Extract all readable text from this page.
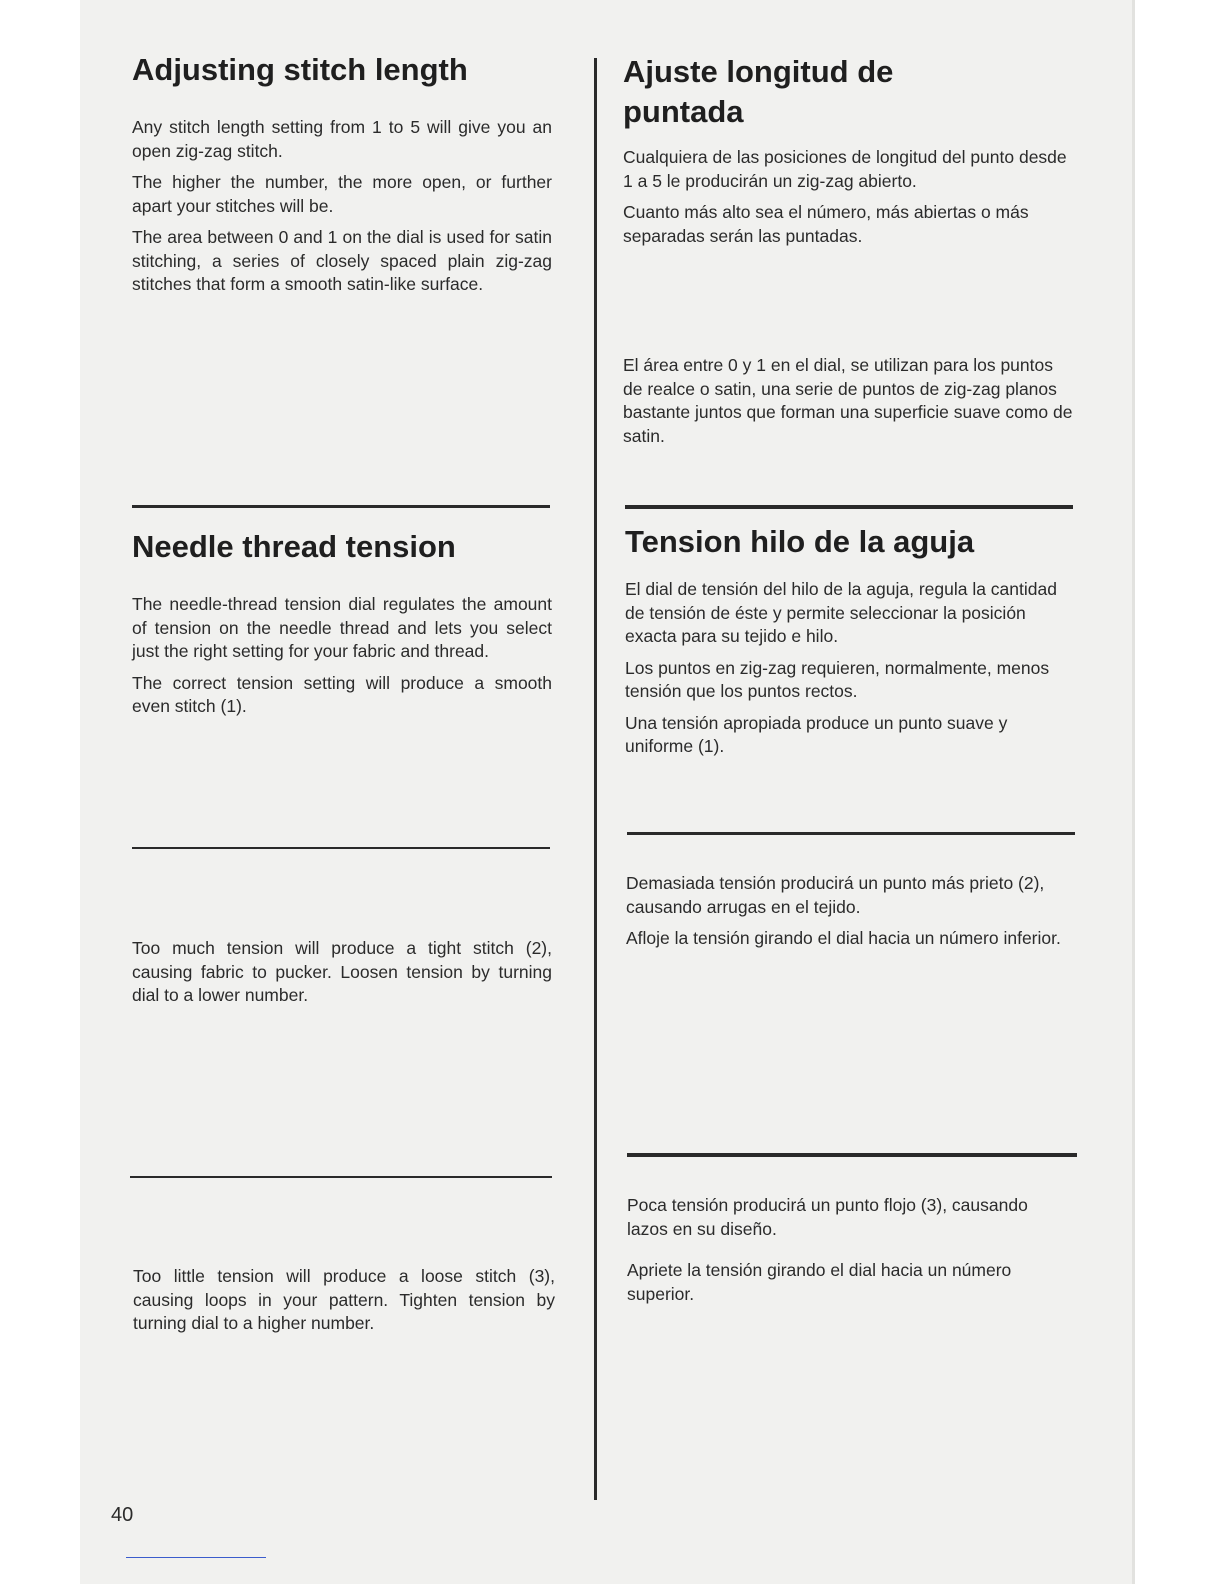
Adjusting stitch length

Any stitch length setting from 1 to 5 will give you an open zig-zag stitch.

The higher the number, the more open, or further apart your stitches will be.

The area between 0 and 1 on the dial is used for satin stitching, a series of closely spaced plain zig-zag stitches that form a smooth satin-like surface.

Needle thread tension

The needle-thread tension dial regulates the amount of tension on the needle thread and lets you select just the right setting for your fabric and thread.

The correct tension setting will produce a smooth even stitch (1).

Too much tension will produce a tight stitch (2), causing fabric to pucker. Loosen tension by turning dial to a lower number.

Too little tension will produce a loose stitch (3), causing loops in your pattern. Tighten tension by turning dial to a higher number.

Ajuste longitud de puntada

Cualquiera de las posiciones de longitud del punto desde 1 a 5 le producirán un zig-zag abierto.

Cuanto más alto sea el número, más abiertas o más separadas serán las puntadas.

El área entre 0 y 1 en el dial, se utilizan para los puntos de realce o satin, una serie de puntos de zig-zag planos bastante juntos que forman una superficie suave como de satin.

Tension hilo de la aguja

El dial de tensión del hilo de la aguja, regula la cantidad de tensión de éste y permite seleccionar la posición exacta para su tejido e hilo.

Los puntos en zig-zag requieren, normalmente, menos tensión que los puntos rectos.

Una tensión apropiada produce un punto suave y uniforme (1).

Demasiada tensión producirá un punto más prieto (2), causando arrugas en el tejido.

Afloje la tensión girando el dial hacia un número inferior.

Poca tensión producirá un punto flojo (3), causando lazos en su diseño.

Apriete la tensión girando el dial hacia un número superior.

40
